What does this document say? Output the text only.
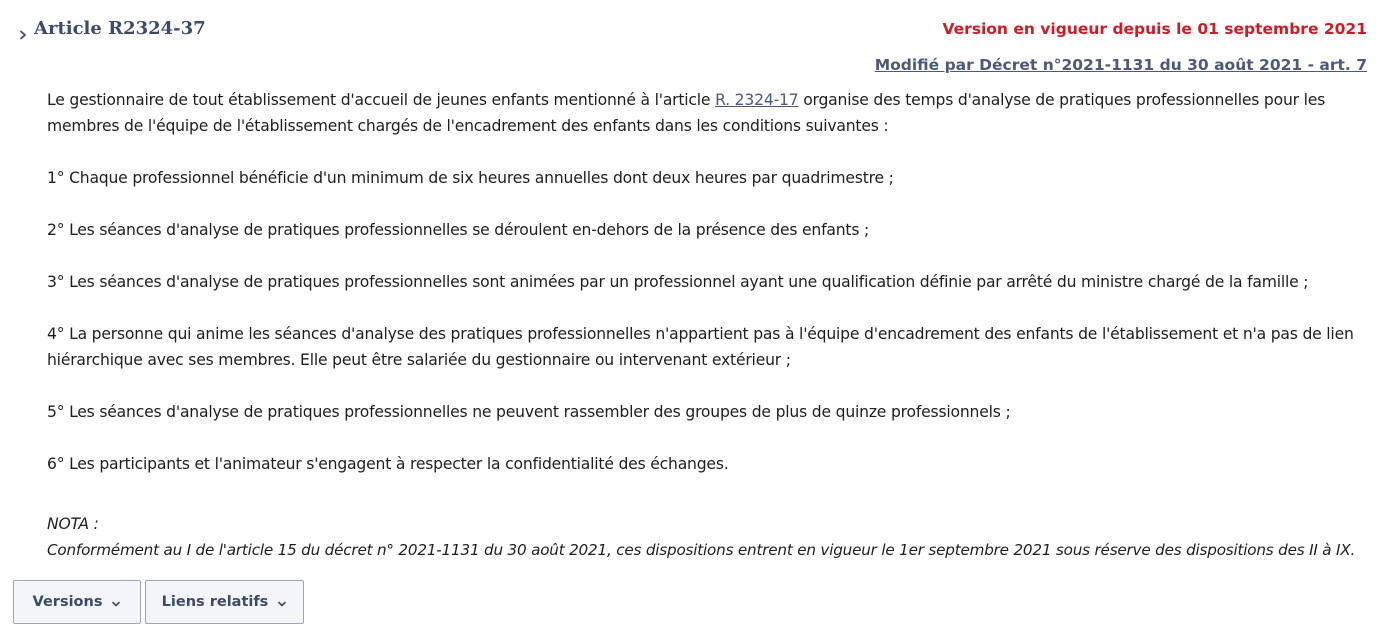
Article R2324-37	Version en vigueur depuis le 01 septembre 2021
Modifié par Décret n°2021-1131 du 30 août 2021 - art. 7

Le gestionnaire de tout établissement d'accueil de jeunes enfants mentionné à l'article R. 2324-17 organise des temps d'analyse de pratiques professionnelles pour les membres de l'équipe de l'établissement chargés de l'encadrement des enfants dans les conditions suivantes :

1° Chaque professionnel bénéficie d'un minimum de six heures annuelles dont deux heures par quadrimestre ;

2° Les séances d'analyse de pratiques professionnelles se déroulent en-dehors de la présence des enfants ;

3° Les séances d'analyse de pratiques professionnelles sont animées par un professionnel ayant une qualification définie par arrêté du ministre chargé de la famille ;

4° La personne qui anime les séances d'analyse des pratiques professionnelles n'appartient pas à l'équipe d'encadrement des enfants de l'établissement et n'a pas de lien hiérarchique avec ses membres. Elle peut être salariée du gestionnaire ou intervenant extérieur ;

5° Les séances d'analyse de pratiques professionnelles ne peuvent rassembler des groupes de plus de quinze professionnels ;

6° Les participants et l'animateur s'engagent à respecter la confidentialité des échanges.

NOTA :

Conformément au I de l'article 15 du décret n° 2021-1131 du 30 août 2021, ces dispositions entrent en vigueur le 1er septembre 2021 sous réserve des dispositions des II à IX.

Versions	Liens relatifs
